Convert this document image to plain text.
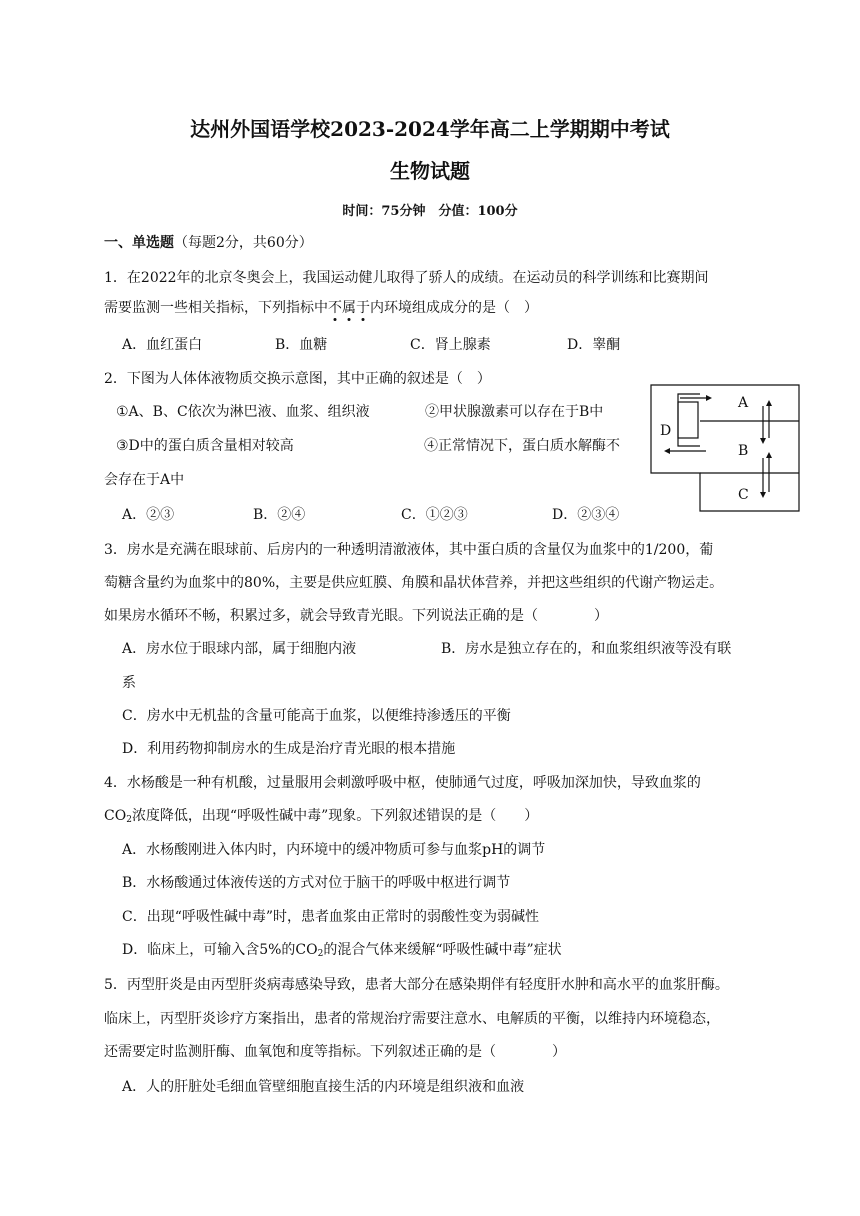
达州外国语学校2023-2024学年高二上学期期中考试
生物试题
时间：75分钟　分值：100分
一、单选题（每题2分，共60分）
1．在2022年的北京冬奥会上，我国运动健儿取得了骄人的成绩。在运动员的科学训练和比赛期间
需要监测一些相关指标，下列指标中不属于
内环境组成成分的是（　）
A．血红蛋白	B．血糖	C．肾上腺素	D．睾酮
2．下图为人体体液物质交换示意图，其中正确的叙述是（　）
①A、B、C依次为淋巴液、血浆、组织液	②甲状腺激素可以存在于B中
③D中的蛋白质含量相对较高	④正常情况下，蛋白质水解酶不
会存在于A中
A．②③	B．②④	C．①②③	D．②③④
A
B
C
D
3．房水是充满在眼球前、后房内的一种透明清澈液体，其中蛋白质的含量仅为血浆中的1/200，葡
萄糖含量约为血浆中的80%，主要是供应虹膜、角膜和晶状体营养，并把这些组织的代谢产物运走。
如果房水循环不畅，积累过多，就会导致青光眼。下列说法正确的是（　　　　）
A．房水位于眼球内部，属于细胞内液	B．房水是独立存在的，和血浆组织液等没有联
系
C．房水中无机盐的含量可能高于血浆，以便维持渗透压的平衡
D．利用药物抑制房水的生成是治疗青光眼的根本措施
4．水杨酸是一种有机酸，过量服用会刺激呼吸中枢，使肺通气过度，呼吸加深加快，导致血浆的
$CO_2$浓度降低，出现“呼吸性碱中毒”现象。下列叙述错误的是（　　）
A．水杨酸刚进入体内时，内环境中的缓冲物质可参与血浆pH的调节
B．水杨酸通过体液传送的方式对位于脑干的呼吸中枢进行调节
C．出现“呼吸性碱中毒”时，患者血浆由正常时的弱酸性变为弱碱性
D．临床上，可输入含5%的$CO_2$的混合气体来缓解“呼吸性碱中毒”症状
5．丙型肝炎是由丙型肝炎病毒感染导致，患者大部分在感染期伴有轻度肝水肿和高水平的血浆肝酶。
临床上，丙型肝炎诊疗方案指出，患者的常规治疗需要注意水、电解质的平衡，以维持内环境稳态，
还需要定时监测肝酶、血氧饱和度等指标。下列叙述正确的是（　　　　）
A．人的肝脏处毛细血管壁细胞直接生活的内环境是组织液和血液
